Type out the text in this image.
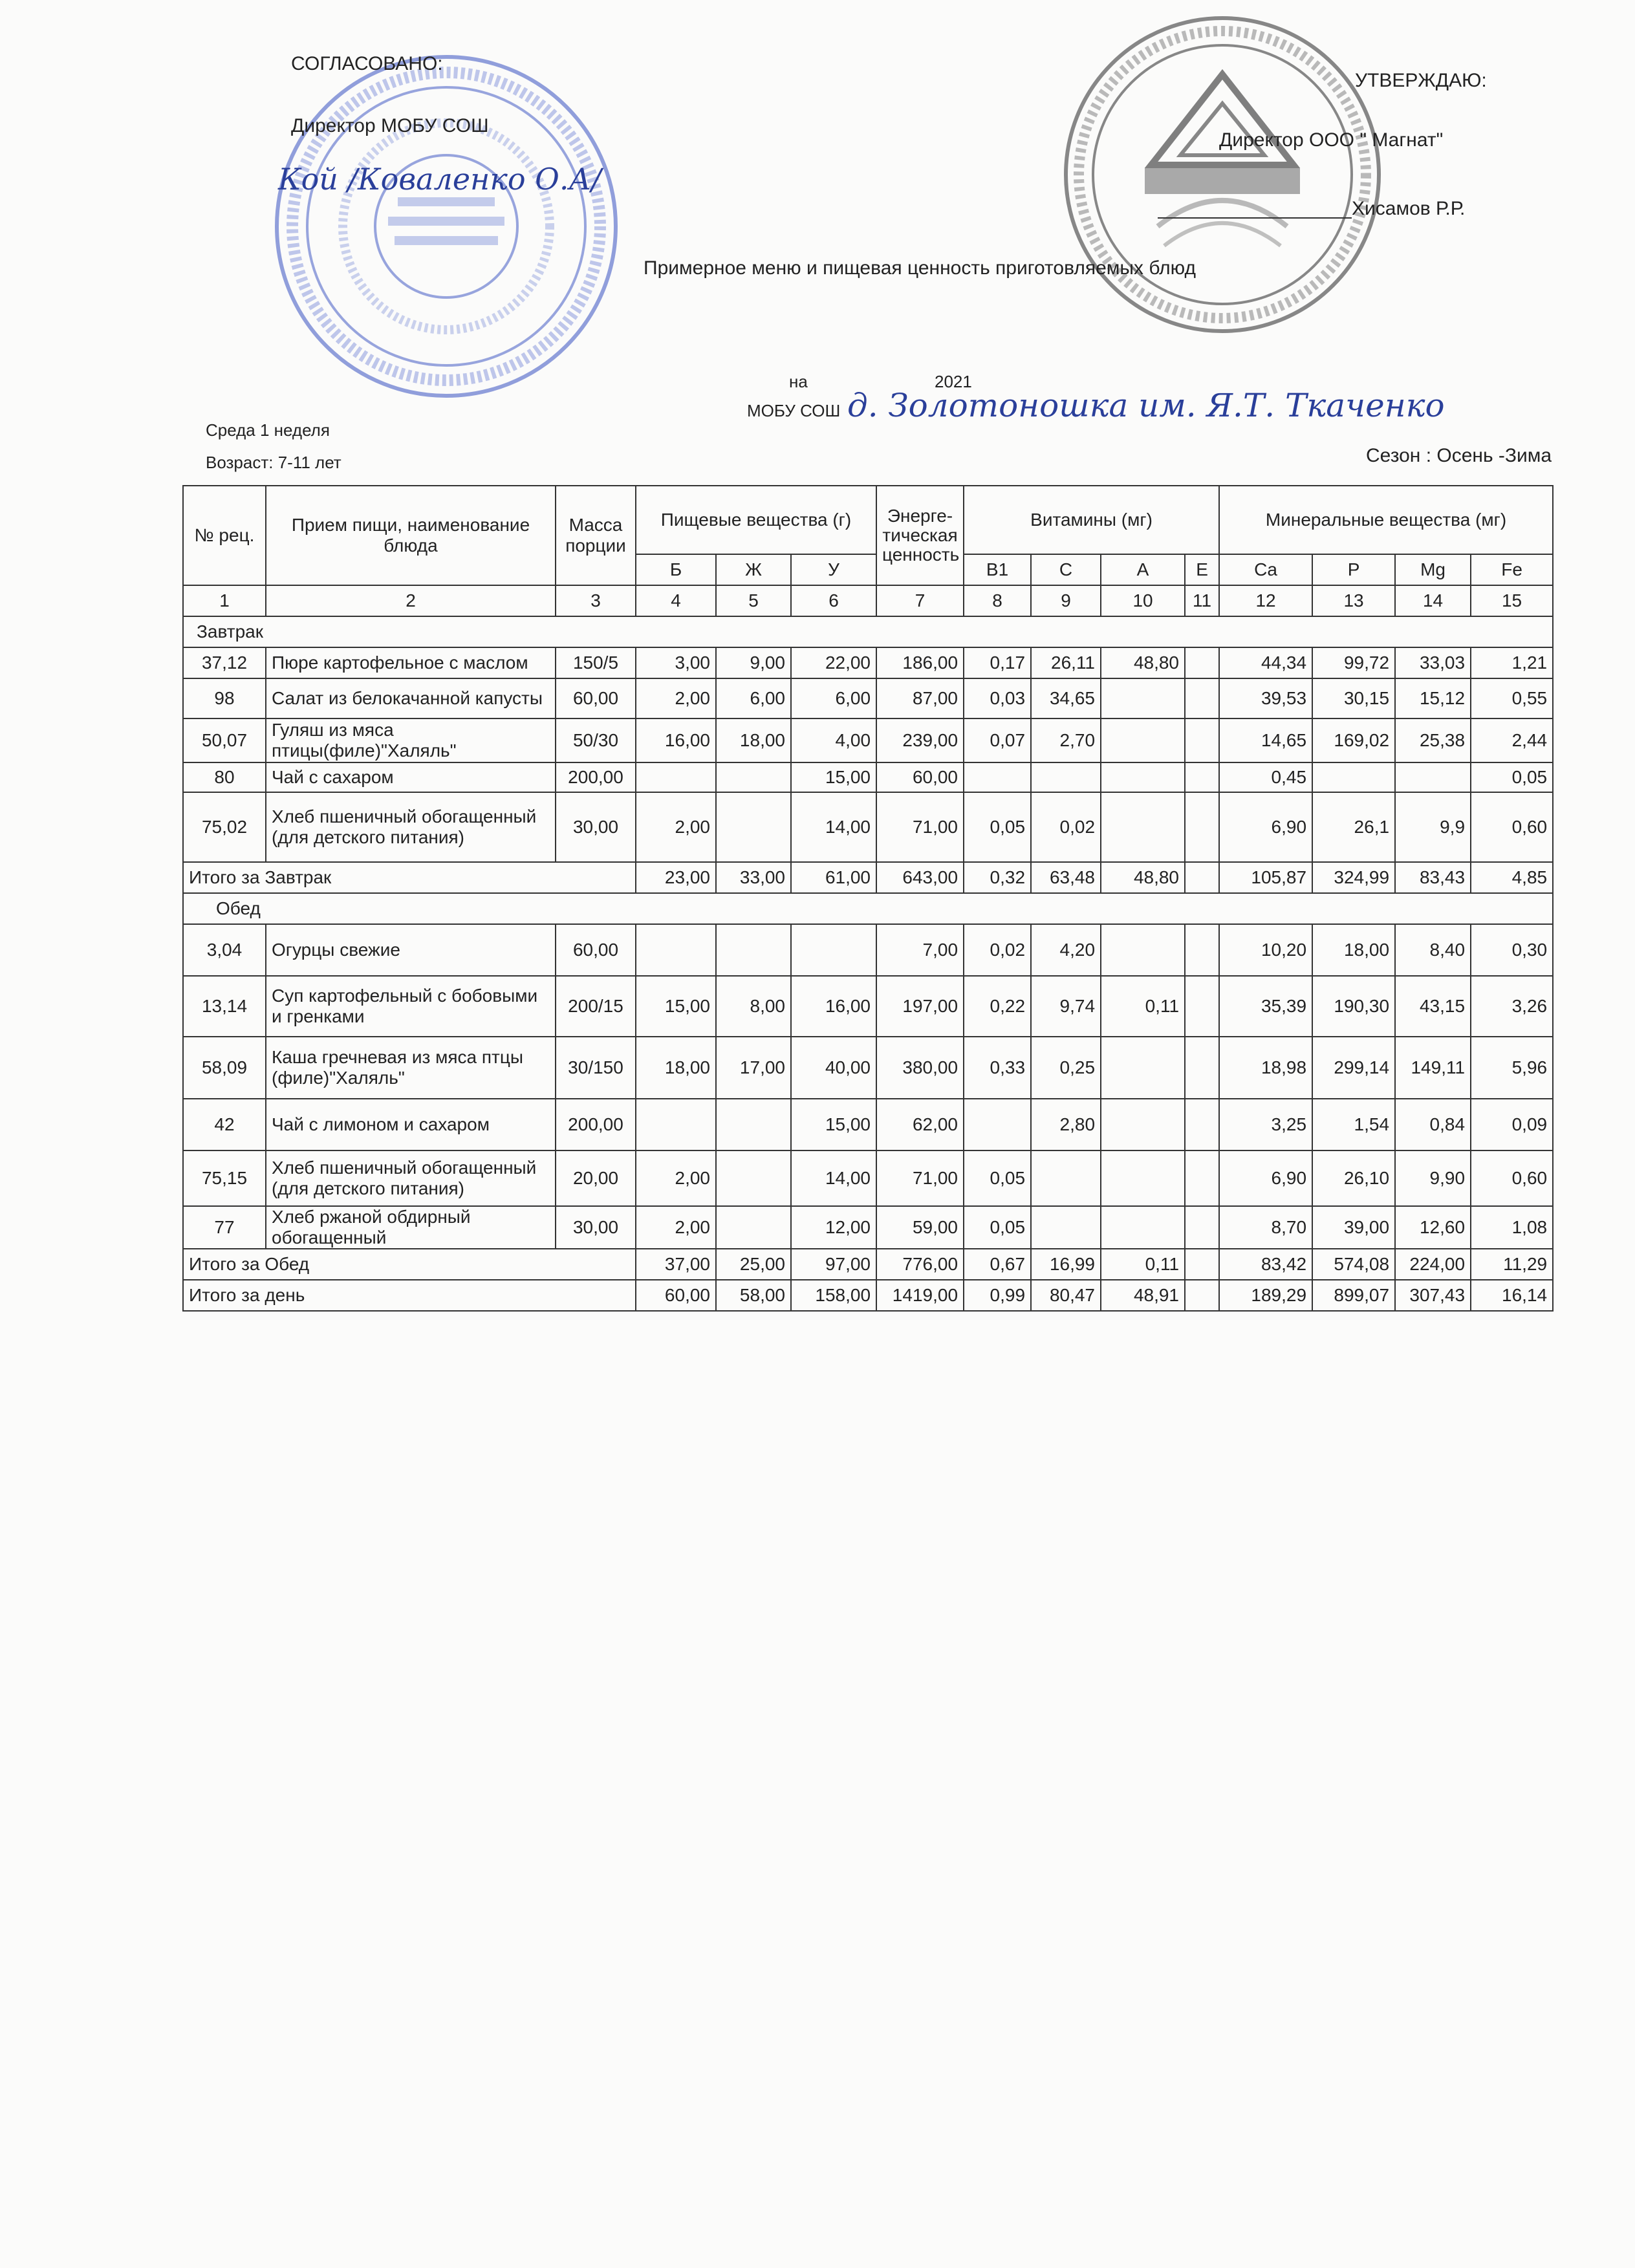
СОГЛАСОВАНО:
Директор МОБУ СОШ
Кой /Коваленко О.А/
УТВЕРЖДАЮ:
Директор ООО " Магнат"
Хисамов Р.Р.
Примерное меню и пищевая ценность приготовляемых блюд
на	2021
МОБУ СОШ д. Золотоношка им. Я.Т. Ткаченко
Среда 1 неделя
Возраст: 7-11 лет	Сезон : Осень -Зима
№ рец.	Прием пищи, наименование блюда	Масса порции	Пищевые вещества (г)			Энерге-тическая ценность	Витамины (мг)				Минеральные вещества (мг)			
			Б	Ж	У		B1	C	A	E	Ca	P	Mg	Fe
1	2	3	4	5	6	7	8	9	10	11	12	13	14	15
Завтрак														
37,12	Пюре картофельное с маслом	150/5	3,00	9,00	22,00	186,00	0,17	26,11	48,80		44,34	99,72	33,03	1,21
98	Салат из белокачанной капусты	60,00	2,00	6,00	6,00	87,00	0,03	34,65			39,53	30,15	15,12	0,55
50,07	Гуляш из мяса птицы(филе)"Халяль"	50/30	16,00	18,00	4,00	239,00	0,07	2,70			14,65	169,02	25,38	2,44
80	Чай с сахаром	200,00			15,00	60,00					0,45			0,05
75,02	Хлеб пшеничный обогащенный (для детского питания)	30,00	2,00		14,00	71,00	0,05	0,02			6,90	26,1	9,9	0,60
Итого за Завтрак			23,00	33,00	61,00	643,00	0,32	63,48	48,80		105,87	324,99	83,43	4,85
Обед														
3,04	Огурцы свежие	60,00				7,00	0,02	4,20			10,20	18,00	8,40	0,30
13,14	Суп картофельный с бобовыми и гренками	200/15	15,00	8,00	16,00	197,00	0,22	9,74	0,11		35,39	190,30	43,15	3,26
58,09	Каша гречневая из мяса птцы (филе)"Халяль"	30/150	18,00	17,00	40,00	380,00	0,33	0,25			18,98	299,14	149,11	5,96
42	Чай с лимоном и сахаром	200,00			15,00	62,00		2,80			3,25	1,54	0,84	0,09
75,15	Хлеб пшеничный обогащенный (для детского питания)	20,00	2,00		14,00	71,00	0,05				6,90	26,10	9,90	0,60
77	Хлеб ржаной обдирный обогащенный	30,00	2,00		12,00	59,00	0,05				8,70	39,00	12,60	1,08
Итого за Обед			37,00	25,00	97,00	776,00	0,67	16,99	0,11		83,42	574,08	224,00	11,29
Итого за день			60,00	58,00	158,00	1419,00	0,99	80,47	48,91		189,29	899,07	307,43	16,14
